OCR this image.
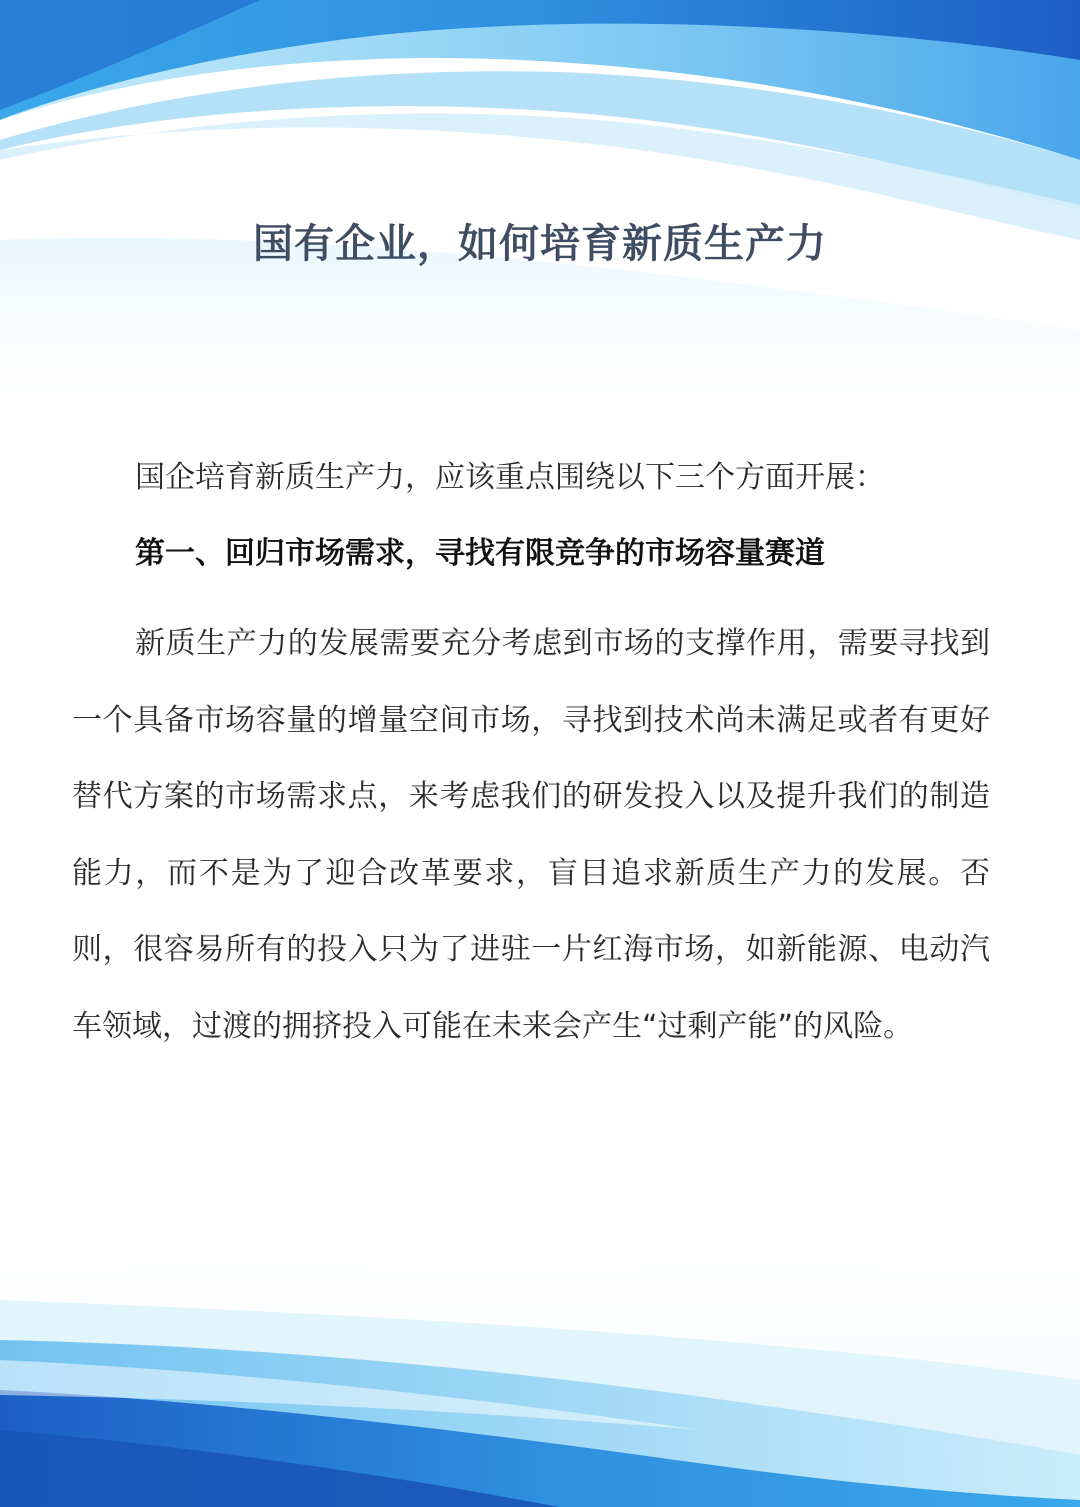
国有企业，如何培育新质生产力

国企培育新质生产力，应该重点围绕以下三个方面开展：

第一、回归市场需求，寻找有限竞争的市场容量赛道

新质生产力的发展需要充分考虑到市场的支撑作用，需要寻找到一个具备市场容量的增量空间市场，寻找到技术尚未满足或者有更好替代方案的市场需求点，来考虑我们的研发投入以及提升我们的制造能力，而不是为了迎合改革要求，盲目追求新质生产力的发展。否则，很容易所有的投入只为了进驻一片红海市场，如新能源、电动汽车领域，过渡的拥挤投入可能在未来会产生“过剩产能”的风险。
